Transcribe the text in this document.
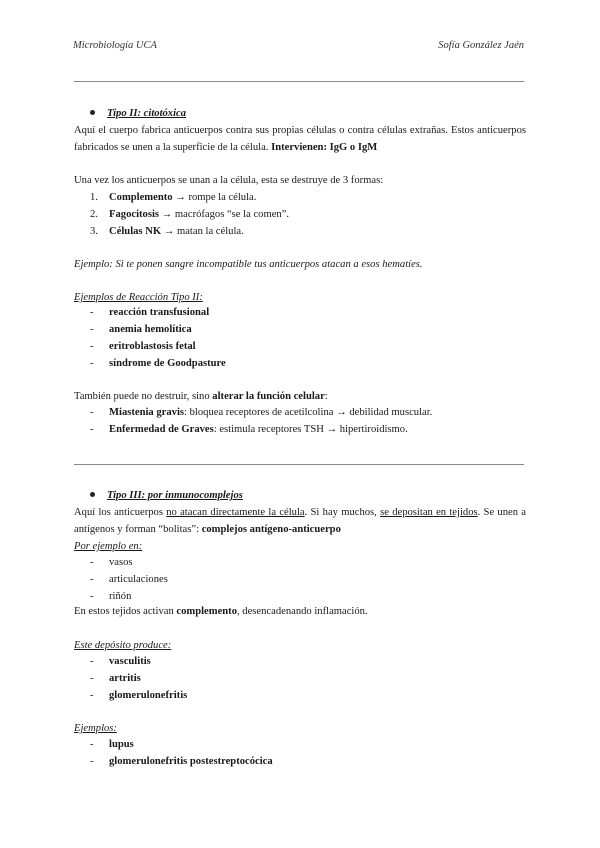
Microbiología UCA	Sofía González Jaén
Tipo II: citotóxica

Aquí el cuerpo fabrica anticuerpos contra sus propias células o contra células extrañas. Estos anticuerpos fabricados se unen a la superficie de la célula. Intervienen: IgG o IgM

Una vez los anticuerpos se unan a la célula, esta se destruye de 3 formas:
1. Complemento → rompe la célula.
2. Fagocitosis → macrófagos “se la comen”.
3. Células NK → matan la célula.
Ejemplo: Si te ponen sangre incompatible tus anticuerpos atacan a esos hematíes.
Ejemplos de Reacción Tipo II:
- reacción transfusional
- anemia hemolítica
- eritroblastosis fetal
- síndrome de Goodpasture
También puede no destruir, sino alterar la función celular:
- Miastenia gravis: bloquea receptores de acetilcolina → debilidad muscular.
- Enfermedad de Graves: estimula receptores TSH → hipertiroidismo.
Tipo III: por inmunocomplejos

Aquí los anticuerpos no atacan directamente la célula. Si hay muchos, se depositan en tejidos. Se unen a antígenos y forman “bolitas”: complejos antígeno-anticuerpo

Por ejemplo en:
- vasos
- articulaciones
- riñón
En estos tejidos activan complemento, desencadenando inflamación.
Este depósito produce:
- vasculitis
- artritis
- glomerulonefritis
Ejemplos:
- lupus
- glomerulonefritis postestreptocócica
